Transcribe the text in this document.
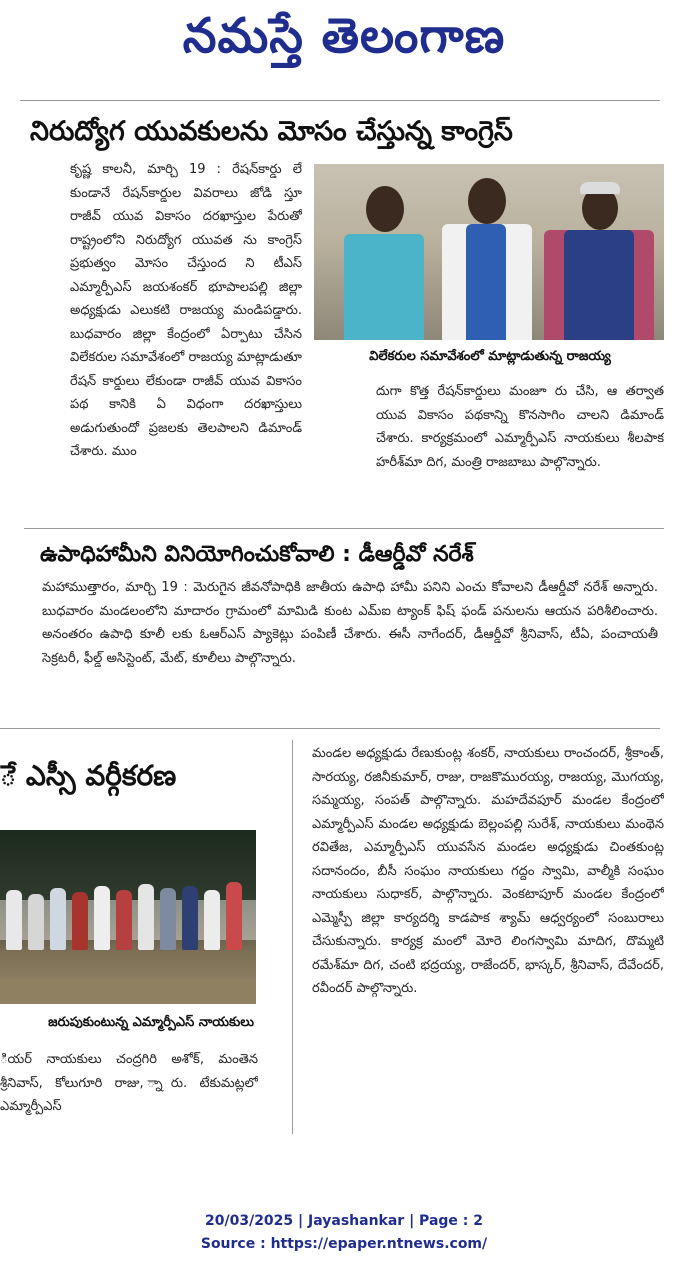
నమస్తే తెలంగాణ
నిరుద్యోగ యువకులను మోసం చేస్తున్న కాంగ్రెస్
కృష్ణ కాలనీ, మార్చి 19 : రేషన్‌కార్డు లే కుండానే రేషన్‌కార్డుల వివరాలు జోడి స్తూ రాజీవ్ యువ వికాసం దరఖాస్తుల పేరుతో రాష్ట్రంలోని నిరుద్యోగ యువత ను కాంగ్రెస్ ప్రభుత్వం మోసం చేస్తుంద ని టీఎస్ ఎమ్మార్పీఎస్ జయశంకర్ భూపాలపల్లి జిల్లా అధ్యక్షుడు ఎలుకటి రాజయ్య మండిపడ్డారు. బుధవారం జిల్లా కేంద్రంలో ఏర్పాటు చేసిన విలేకరుల సమావేశంలో రాజయ్య మాట్లాడుతూ రేషన్ కార్డులు లేకుండా రాజీవ్ యువ వికాసం పథ కానికి ఏ విధంగా దరఖాస్తులు అడుగుతుందో ప్రజలకు తెలపాలని డిమాండ్ చేశారు. ముం
విలేకరుల సమావేశంలో మాట్లాడుతున్న రాజయ్య
దుగా కొత్త రేషన్‌కార్డులు మంజూ రు చేసి, ఆ తర్వాత యువ వికాసం పథకాన్ని కొనసాగిం చాలని డిమాండ్ చేశారు. కార్యక్రమంలో ఎమ్మార్పీఎస్ నాయకులు శీలపాక హరీశ్‌మా దిగ, మంత్రి రాజబాబు పాల్గొన్నారు.
ఉపాధిహామీని వినియోగించుకోవాలి : డీఆర్డీవో నరేశ్
మహాముత్తారం, మార్చి 19 : మెరుగైన జీవనోపాధికి జాతీయ ఉపాధి హామీ పనిని ఎంచు కోవాలని డీఆర్డీవో నరేశ్ అన్నారు. బుధవారం మండలంలోని మాదారం గ్రామంలో మామిడి కుంట ఎమ్ఐ ట్యాంక్ ఫిష్ ఫండ్ పనులను ఆయన పరిశీలించారు. అనంతరం ఉపాధి కూలీ లకు ఓఆర్ఎస్ ప్యాకెట్లు పంపిణీ చేశారు. ఈసీ నాగేందర్, డీఆర్డీవో శ్రీనివాస్, టీఏ, పంచాయతీ సెక్రటరీ, ఫీల్డ్ అసిస్టెంట్, మేట్, కూలీలు పాల్గొన్నారు.
ే ఎస్సీ వర్గీకరణ
జరుపుకుంటున్న ఎమ్మార్పీఎస్ నాయకులు
ియర్ నాయకులు చంద్రగిరి అశోక్, మంతెన శ్రీనివాస్, కోలుగూరి రాజు, ్నారు. టేకుమట్లలో ఎమ్మార్పీఎస్
మండల అధ్యక్షుడు రేణుకుంట్ల శంకర్, నాయకులు రాంచందర్, శ్రీకాంత్, సారయ్య, రజినీకుమార్, రాజు, రాజకొమురయ్య, రాజయ్య, మొగయ్య, సమ్మయ్య, సంపత్ పాల్గొన్నారు. మహదేవపూర్ మండల కేంద్రంలో ఎమ్మార్పీఎస్ మండల అధ్యక్షుడు బెల్లంపల్లి సురేశ్, నాయకులు మంథెన రవితేజ, ఎమ్మార్పీఎస్ యువసేన మండల అధ్యక్షుడు చింతకుంట్ల సదానందం, బీసీ సంఘం నాయకులు గద్దం స్వామి, వాల్మీకి సంఘం నాయకులు సుధాకర్, పాల్గొన్నారు. వెంకటాపూర్ మండల కేంద్రంలో ఎమ్మెస్పీ జిల్లా కార్యదర్శి కాడపాక శ్యామ్ ఆధ్వర్యంలో సంబురాలు చేసుకున్నారు. కార్యక్ర మంలో మోరె లింగస్వామి మాదిగ, దొమ్మటి రమేశ్‌మా దిగ, చంటి భద్రయ్య, రాజేందర్, భాస్కర్, శ్రీనివాస్, దేవేందర్, రవీందర్ పాల్గొన్నారు.
20/03/2025 | Jayashankar | Page : 2
Source : https://epaper.ntnews.com/
